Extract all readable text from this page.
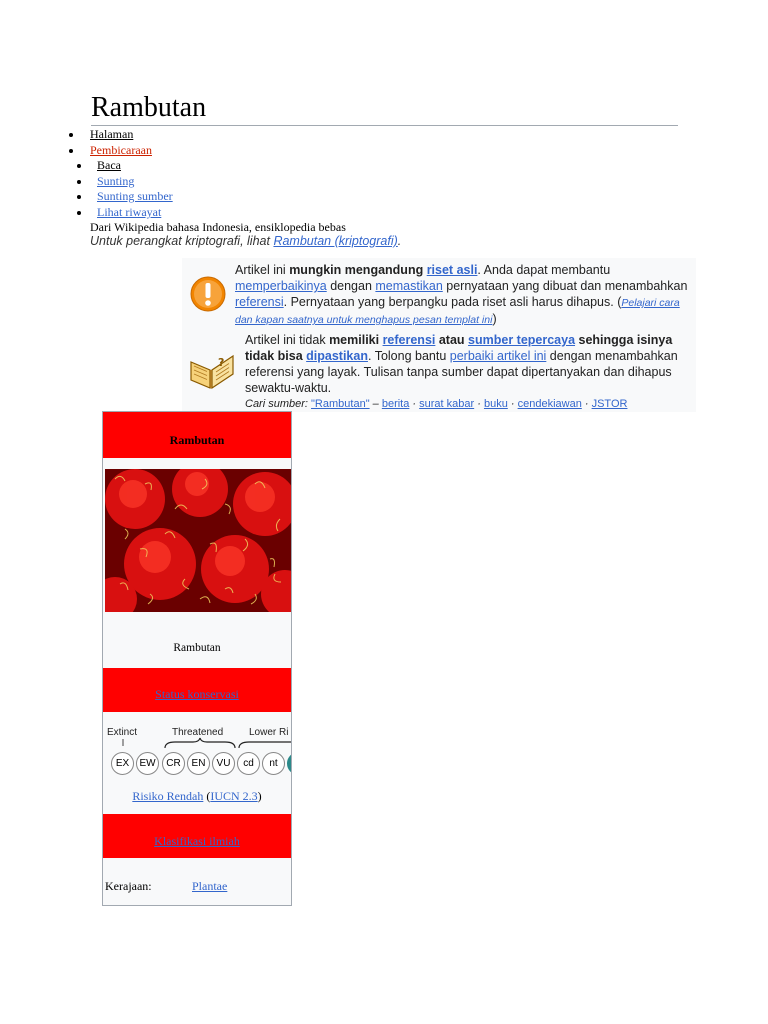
Rambutan
Halaman
Pembicaraan
Baca
Sunting
Sunting sumber
Lihat riwayat
Dari Wikipedia bahasa Indonesia, ensiklopedia bebas
Untuk perangkat kriptografi, lihat Rambutan (kriptografi).
Artikel ini mungkin mengandung riset asli. Anda dapat membantu memperbaikinya dengan memastikan pernyataan yang dibuat dan menambahkan referensi. Pernyataan yang berpangku pada riset asli harus dihapus. (Pelajari cara dan kapan saatnya untuk menghapus pesan templat ini)
?
Artikel ini tidak memiliki referensi atau sumber tepercaya sehingga isinya tidak bisa dipastikan. Tolong bantu perbaiki artikel ini dengan menambahkan referensi yang layak. Tulisan tanpa sumber dapat dipertanyakan dan dihapus sewaktu-waktu.
Cari sumber: "Rambutan" – berita · surat kabar · buku · cendekiawan · JSTOR
Rambutan
Rambutan
Status konservasi
Extinct	Threatened	Lower Ri
EX	EW	CR	EN	VU	cd	nt
Risiko Rendah (IUCN 2.3)
Klasifikasi ilmiah
Kerajaan:	Plantae
